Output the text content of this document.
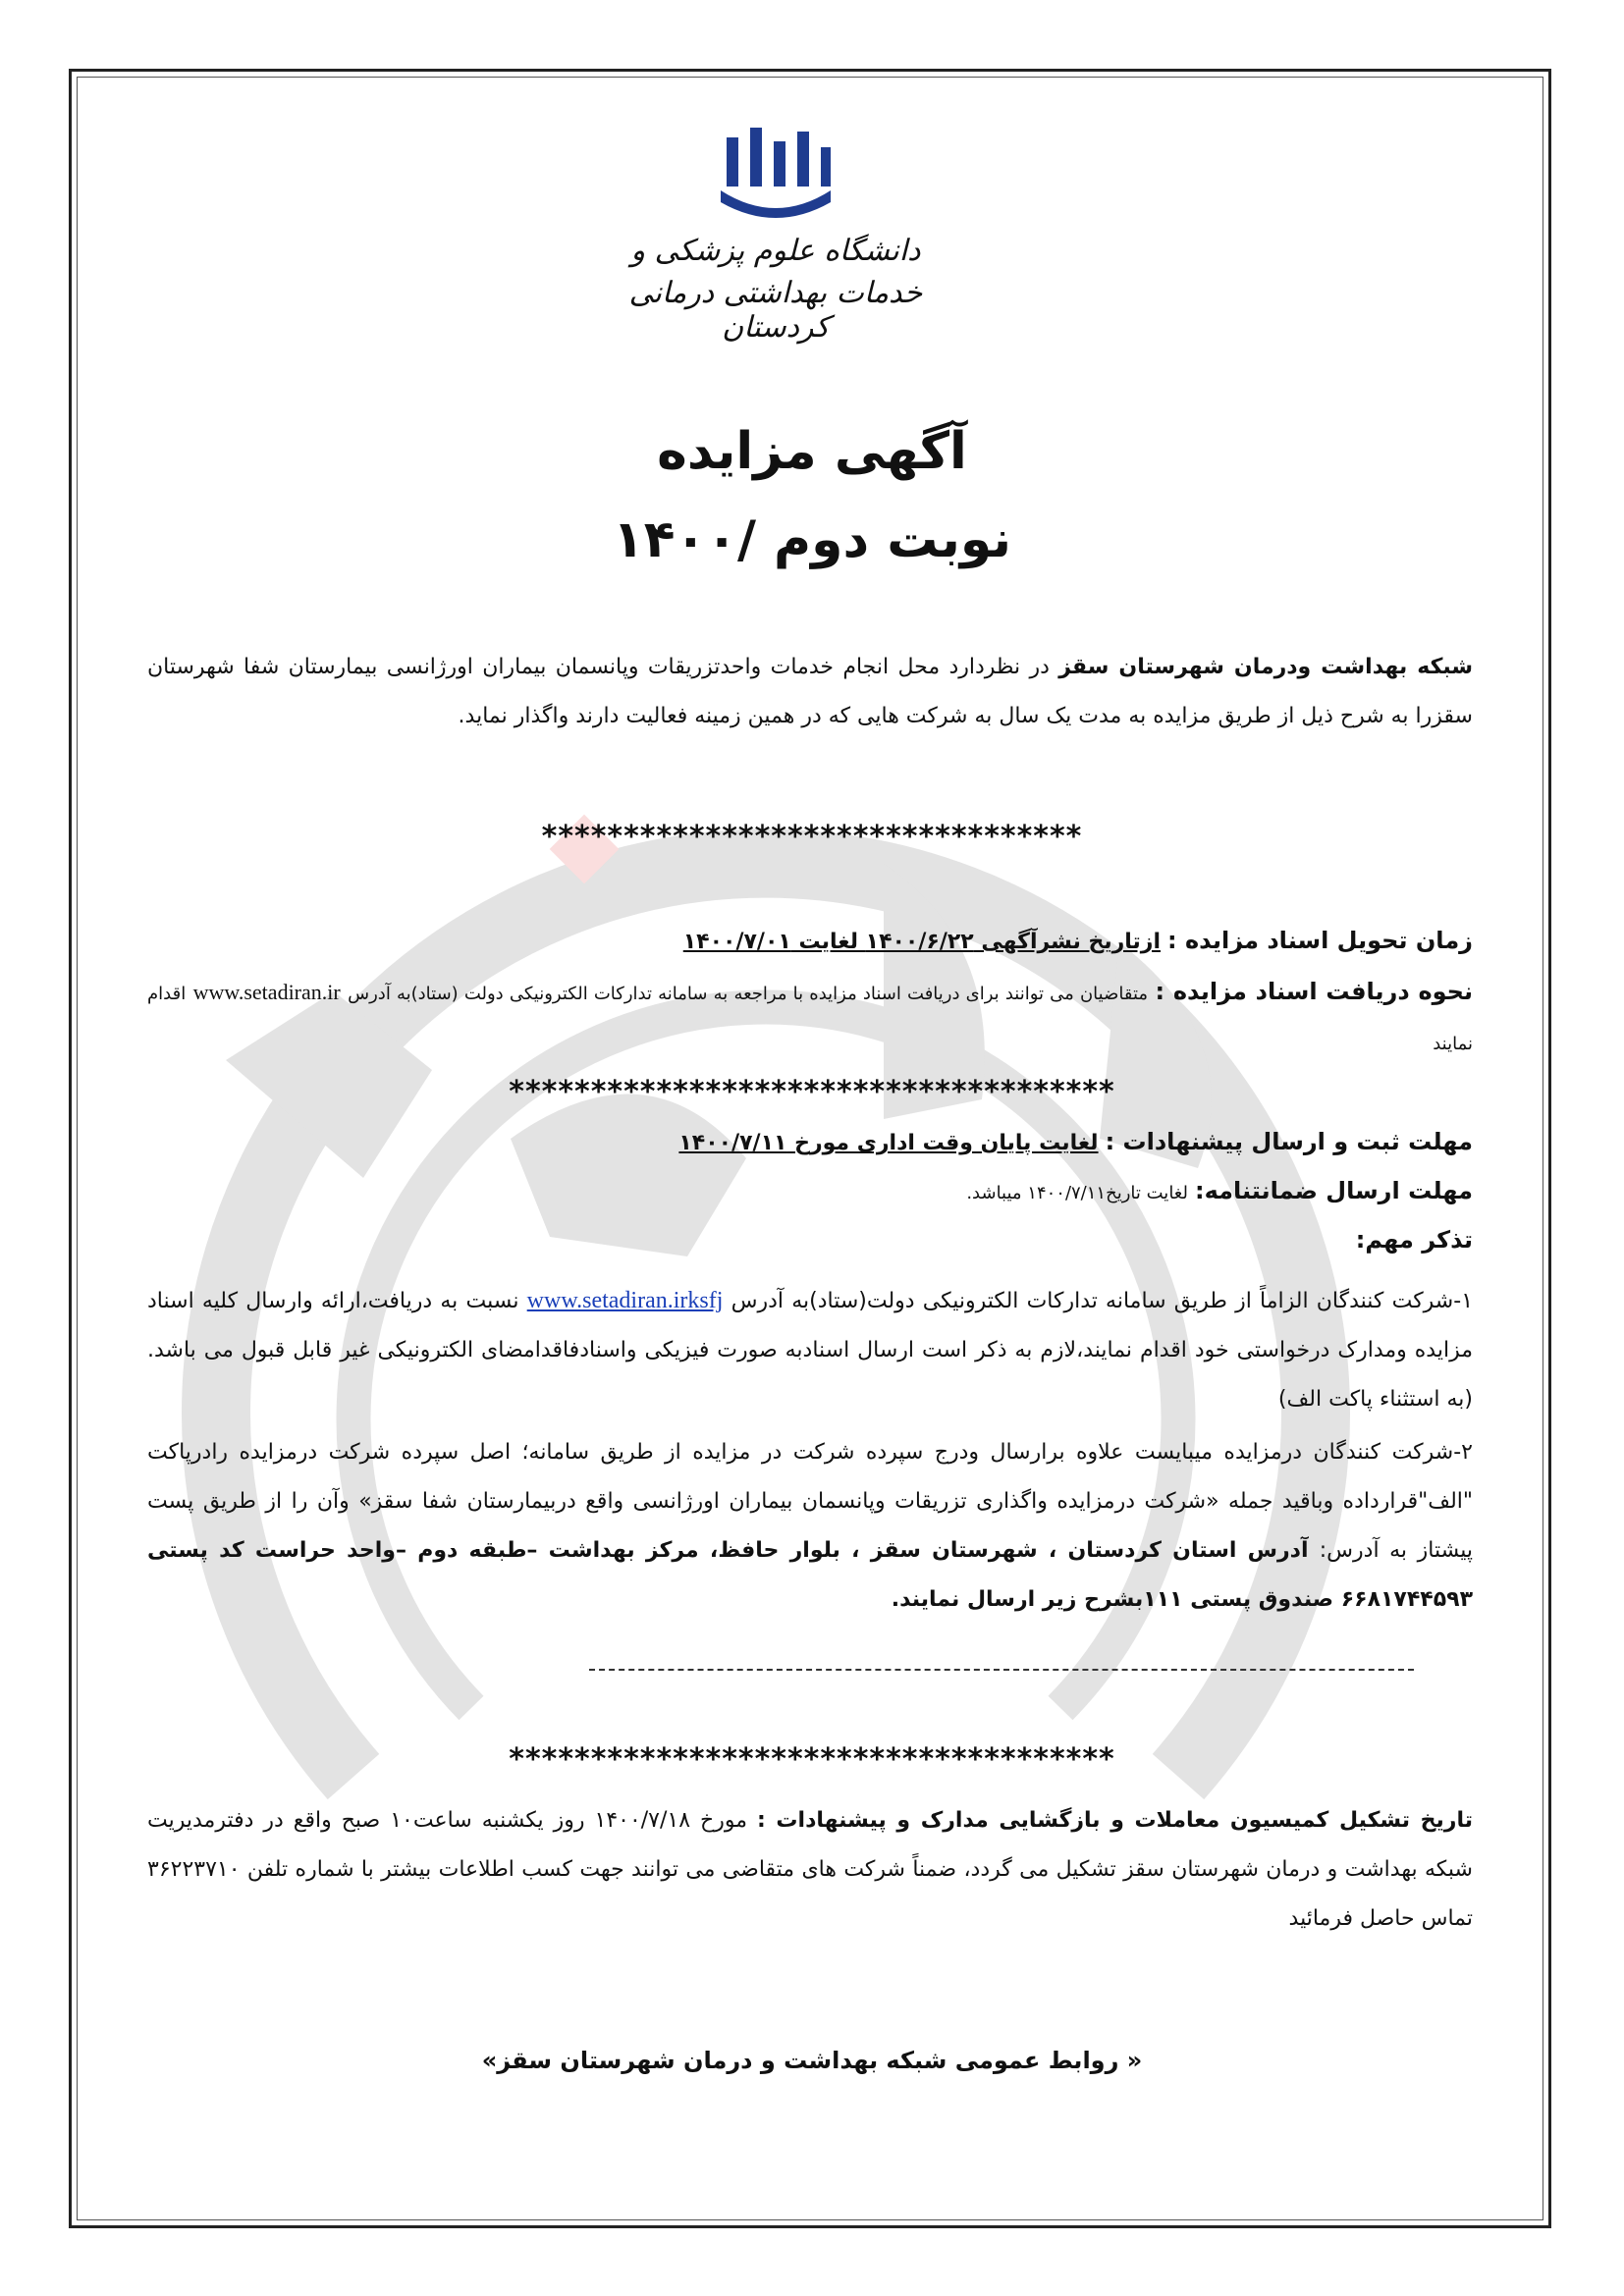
دانشگاه علوم پزشکی و
خدمات بهداشتی درمانی کردستان
آگهی مزایده
نوبت دوم /۱۴۰۰
شبکه بهداشت ودرمان شهرستان سقز در نظردارد محل انجام خدمات واحدتزریقات وپانسمان بیماران اورژانسی بیمارستان شفا شهرستان سقزرا به شرح ذیل از طریق مزایده به مدت یک سال به شرکت هایی که در همین زمینه فعالیت دارند واگذار نماید.
*********************************
زمان تحویل اسناد مزایده : ازتاریخ نشرآگهی ۱۴۰۰/۶/۲۲ لغایت ۱۴۰۰/۷/۰۱
نحوه دریافت اسناد مزایده : متقاضیان می توانند برای دریافت اسناد مزایده با مراجعه به سامانه تدارکات الکترونیکی دولت (ستاد)به آدرس www.setadiran.ir اقدام نمایند
*************************************
مهلت ثبت و ارسال پیشنهادات : لغایت پایان وقت اداری مورخ ۱۴۰۰/۷/۱۱
مهلت ارسال ضمانتنامه: لغایت تاریخ۱۴۰۰/۷/۱۱ میباشد.
تذکر مهم:
۱-شرکت کنندگان الزاماً از طریق سامانه تدارکات الکترونیکی دولت(ستاد)به آدرس www.setadiran.irksfj نسبت به دریافت،ارائه وارسال کلیه اسناد مزایده ومدارک درخواستی خود اقدام نمایند،لازم به ذکر است ارسال اسنادبه صورت فیزیکی واسنادفاقدامضای الکترونیکی غیر قابل قبول می باشد.(به استثناء پاکت الف)
۲-شرکت کنندگان درمزایده میبایست علاوه برارسال ودرج سپرده شرکت در مزایده از طریق سامانه؛ اصل سپرده شرکت درمزایده رادرپاکت "الف"قرارداده وباقید جمله «شرکت درمزایده واگذاری تزریقات وپانسمان بیماران اورژانسی واقع دربیمارستان شفا سقز» وآن را از طریق پست پیشتاز به آدرس: آدرس استان کردستان ، شهرستان سقز ، بلوار حافظ، مرکز بهداشت –طبقه دوم –واحد حراست کد پستی ۶۶۸۱۷۴۴۵۹۳ صندوق پستی ۱۱۱بشرح زیر ارسال نمایند.
*************************************
تاریخ تشکیل کمیسیون معاملات و بازگشایی مدارک و پیشنهادات : مورخ ۱۴۰۰/۷/۱۸ روز یکشنبه ساعت۱۰ صبح واقع در دفترمدیریت شبکه بهداشت و درمان شهرستان سقز تشکیل می گردد، ضمناً شرکت های متقاضی می توانند جهت کسب اطلاعات بیشتر با شماره تلفن ۳۶۲۲۳۷۱۰ تماس حاصل فرمائید
« روابط عمومی شبکه بهداشت و درمان شهرستان سقز»
